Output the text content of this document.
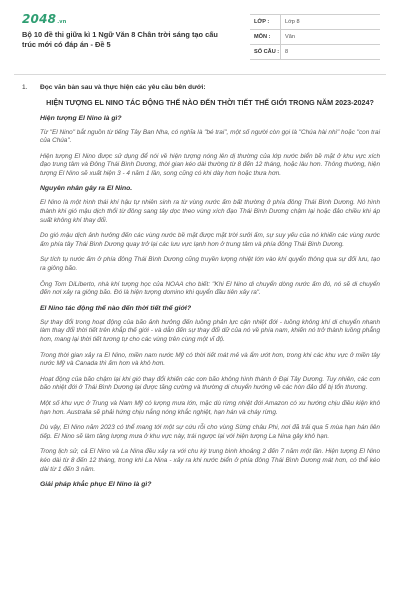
2048.vn
Bộ 10 đề thi giữa kì 1 Ngữ Văn 8 Chân trời sáng tạo cấu trúc mới có đáp án - Đề 5
LỚP :	Lớp 8
MÔN :	Văn
SỐ CÂU :	8
1. Đọc văn bản sau và thực hiện các yêu cầu bên dưới:
HIỆN TƯỢNG EL NINO TÁC ĐỘNG THẾ NÀO ĐẾN THỜI TIẾT THẾ GIỚI TRONG NĂM 2023-2024?
Hiện tượng El Nino là gì?
Từ "El Nino" bắt nguồn từ tiếng Tây Ban Nha, có nghĩa là "bé trai", một số người còn gọi là "Chúa hài nhi" hoặc "con trai của Chúa".
Hiện tượng El Nino được sử dụng để nói về hiện tượng nóng lên dị thường của lớp nước biển bề mặt ở khu vực xích đạo trung tâm và Đông Thái Bình Dương, thời gian kéo dài thường từ 8 đến 12 tháng, hoặc lâu hơn. Thông thường, hiện tượng El Nino sẽ xuất hiện 3 - 4 năm 1 lần, song cũng có khi dày hơn hoặc thưa hơn.
Nguyên nhân gây ra El Nino.
El Nino là một hình thái khí hậu tự nhiên sinh ra từ vùng nước ấm bất thường ở phía đông Thái Bình Dương. Nó hình thành khi gió mậu dịch thổi từ đông sang tây dọc theo vùng xích đạo Thái Bình Dương chậm lại hoặc đảo chiều khi áp suất không khí thay đổi.
Do gió mậu dịch ảnh hưởng đến các vùng nước bề mặt được mặt trời sưởi ấm, sự suy yếu của nó khiến các vùng nước ấm phía tây Thái Bình Dương quay trở lại các lưu vực lạnh hơn ở trung tâm và phía đông Thái Bình Dương.
Sự tích tụ nước ấm ở phía đông Thái Bình Dương cũng truyền lượng nhiệt lớn vào khí quyển thông qua sự đối lưu, tạo ra giông bão.
Ông Tom DiLiberto, nhà khí tượng học của NOAA cho biết: "Khi El Nino di chuyển dòng nước ấm đó, nó sẽ di chuyển đến nơi xảy ra giông bão. Đó là hiện tượng domino khi quyển đầu tiên xảy ra".
El Nino tác động thế nào đến thời tiết thế giới?
Sự thay đổi trong hoạt động của bão ảnh hưởng đến luồng phản lực cận nhiệt đới - luồng không khí di chuyển nhanh làm thay đổi thời tiết trên khắp thế giới - và dẫn đến sự thay đổi dữ của nó về phía nam, khiến nó trở thành luồng phẳng hơn, mang lại thời tiết tương tự cho các vùng trên cùng một vĩ độ.
Trong thời gian xảy ra El Nino, miền nam nước Mỹ có thời tiết mát mẻ và ẩm ướt hơn, trong khi các khu vực ở miền tây nước Mỹ và Canada thì ấm hơn và khô hơn.
Hoạt động của bão chậm lại khi gió thay đổi khiến các cơn bão không hình thành ở Đại Tây Dương. Tuy nhiên, các cơn bão nhiệt đới ở Thái Bình Dương lại được tăng cường và thường di chuyển hướng về các hòn đảo để bị tổn thương.
Một số khu vực ở Trung và Nam Mỹ có lượng mưa lớn, mặc dù rừng nhiệt đới Amazon có xu hướng chịu điều kiện khô hạn hơn. Australia sẽ phải hứng chịu nắng nóng khắc nghiệt, hạn hán và cháy rừng.
Dù vậy, El Nino năm 2023 có thể mang tới một sự cứu rỗi cho vùng Sừng châu Phi, nơi đã trải qua 5 mùa hạn hán liên tiếp. El Nino sẽ làm tăng lượng mưa ở khu vực này, trái ngược lại với hiện tượng La Nina gây khô hạn.
Trong lịch sử, cả El Nino và La Nina đều xảy ra với chu kỳ trung bình khoảng 2 đến 7 năm một lần. Hiện tượng El Nino kéo dài từ 8 đến 12 tháng, trong khi La Nina - xảy ra khi nước biển ở phía đông Thái Bình Dương mát hơn, có thể kéo dài từ 1 đến 3 năm.
Giải pháp khắc phục El Nino là gì?
